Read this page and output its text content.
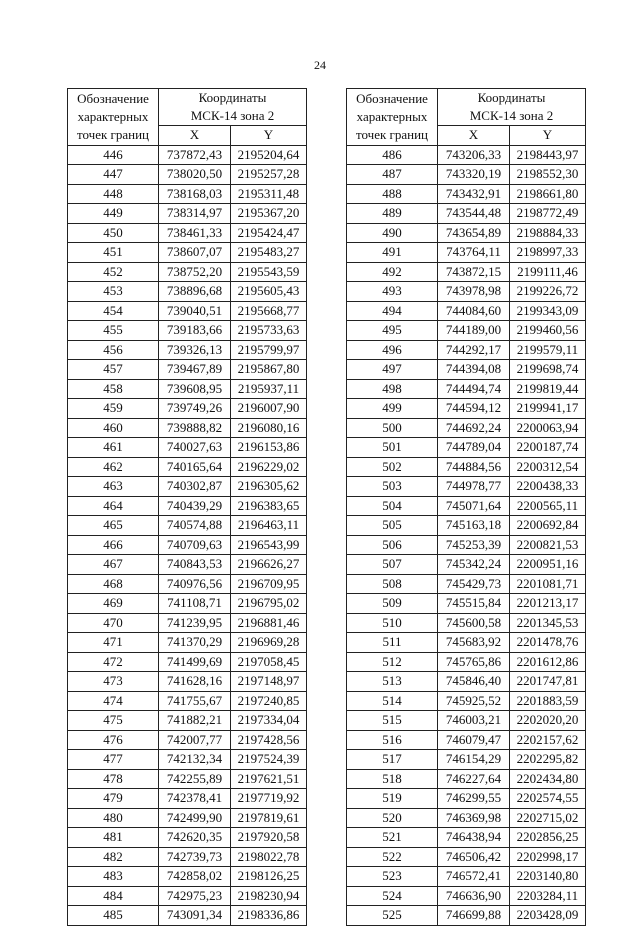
24
Обозначение
характерных
точек границ	Координаты
МСК-14 зона 2	
	X	Y
446	737872,43	2195204,64
447	738020,50	2195257,28
448	738168,03	2195311,48
449	738314,97	2195367,20
450	738461,33	2195424,47
451	738607,07	2195483,27
452	738752,20	2195543,59
453	738896,68	2195605,43
454	739040,51	2195668,77
455	739183,66	2195733,63
456	739326,13	2195799,97
457	739467,89	2195867,80
458	739608,95	2195937,11
459	739749,26	2196007,90
460	739888,82	2196080,16
461	740027,63	2196153,86
462	740165,64	2196229,02
463	740302,87	2196305,62
464	740439,29	2196383,65
465	740574,88	2196463,11
466	740709,63	2196543,99
467	740843,53	2196626,27
468	740976,56	2196709,95
469	741108,71	2196795,02
470	741239,95	2196881,46
471	741370,29	2196969,28
472	741499,69	2197058,45
473	741628,16	2197148,97
474	741755,67	2197240,85
475	741882,21	2197334,04
476	742007,77	2197428,56
477	742132,34	2197524,39
478	742255,89	2197621,51
479	742378,41	2197719,92
480	742499,90	2197819,61
481	742620,35	2197920,58
482	742739,73	2198022,78
483	742858,02	2198126,25
484	742975,23	2198230,94
485	743091,34	2198336,86
Обозначение
характерных
точек границ	Координаты
МСК-14 зона 2	
	X	Y
486	743206,33	2198443,97
487	743320,19	2198552,30
488	743432,91	2198661,80
489	743544,48	2198772,49
490	743654,89	2198884,33
491	743764,11	2198997,33
492	743872,15	2199111,46
493	743978,98	2199226,72
494	744084,60	2199343,09
495	744189,00	2199460,56
496	744292,17	2199579,11
497	744394,08	2199698,74
498	744494,74	2199819,44
499	744594,12	2199941,17
500	744692,24	2200063,94
501	744789,04	2200187,74
502	744884,56	2200312,54
503	744978,77	2200438,33
504	745071,64	2200565,11
505	745163,18	2200692,84
506	745253,39	2200821,53
507	745342,24	2200951,16
508	745429,73	2201081,71
509	745515,84	2201213,17
510	745600,58	2201345,53
511	745683,92	2201478,76
512	745765,86	2201612,86
513	745846,40	2201747,81
514	745925,52	2201883,59
515	746003,21	2202020,20
516	746079,47	2202157,62
517	746154,29	2202295,82
518	746227,64	2202434,80
519	746299,55	2202574,55
520	746369,98	2202715,02
521	746438,94	2202856,25
522	746506,42	2202998,17
523	746572,41	2203140,80
524	746636,90	2203284,11
525	746699,88	2203428,09
